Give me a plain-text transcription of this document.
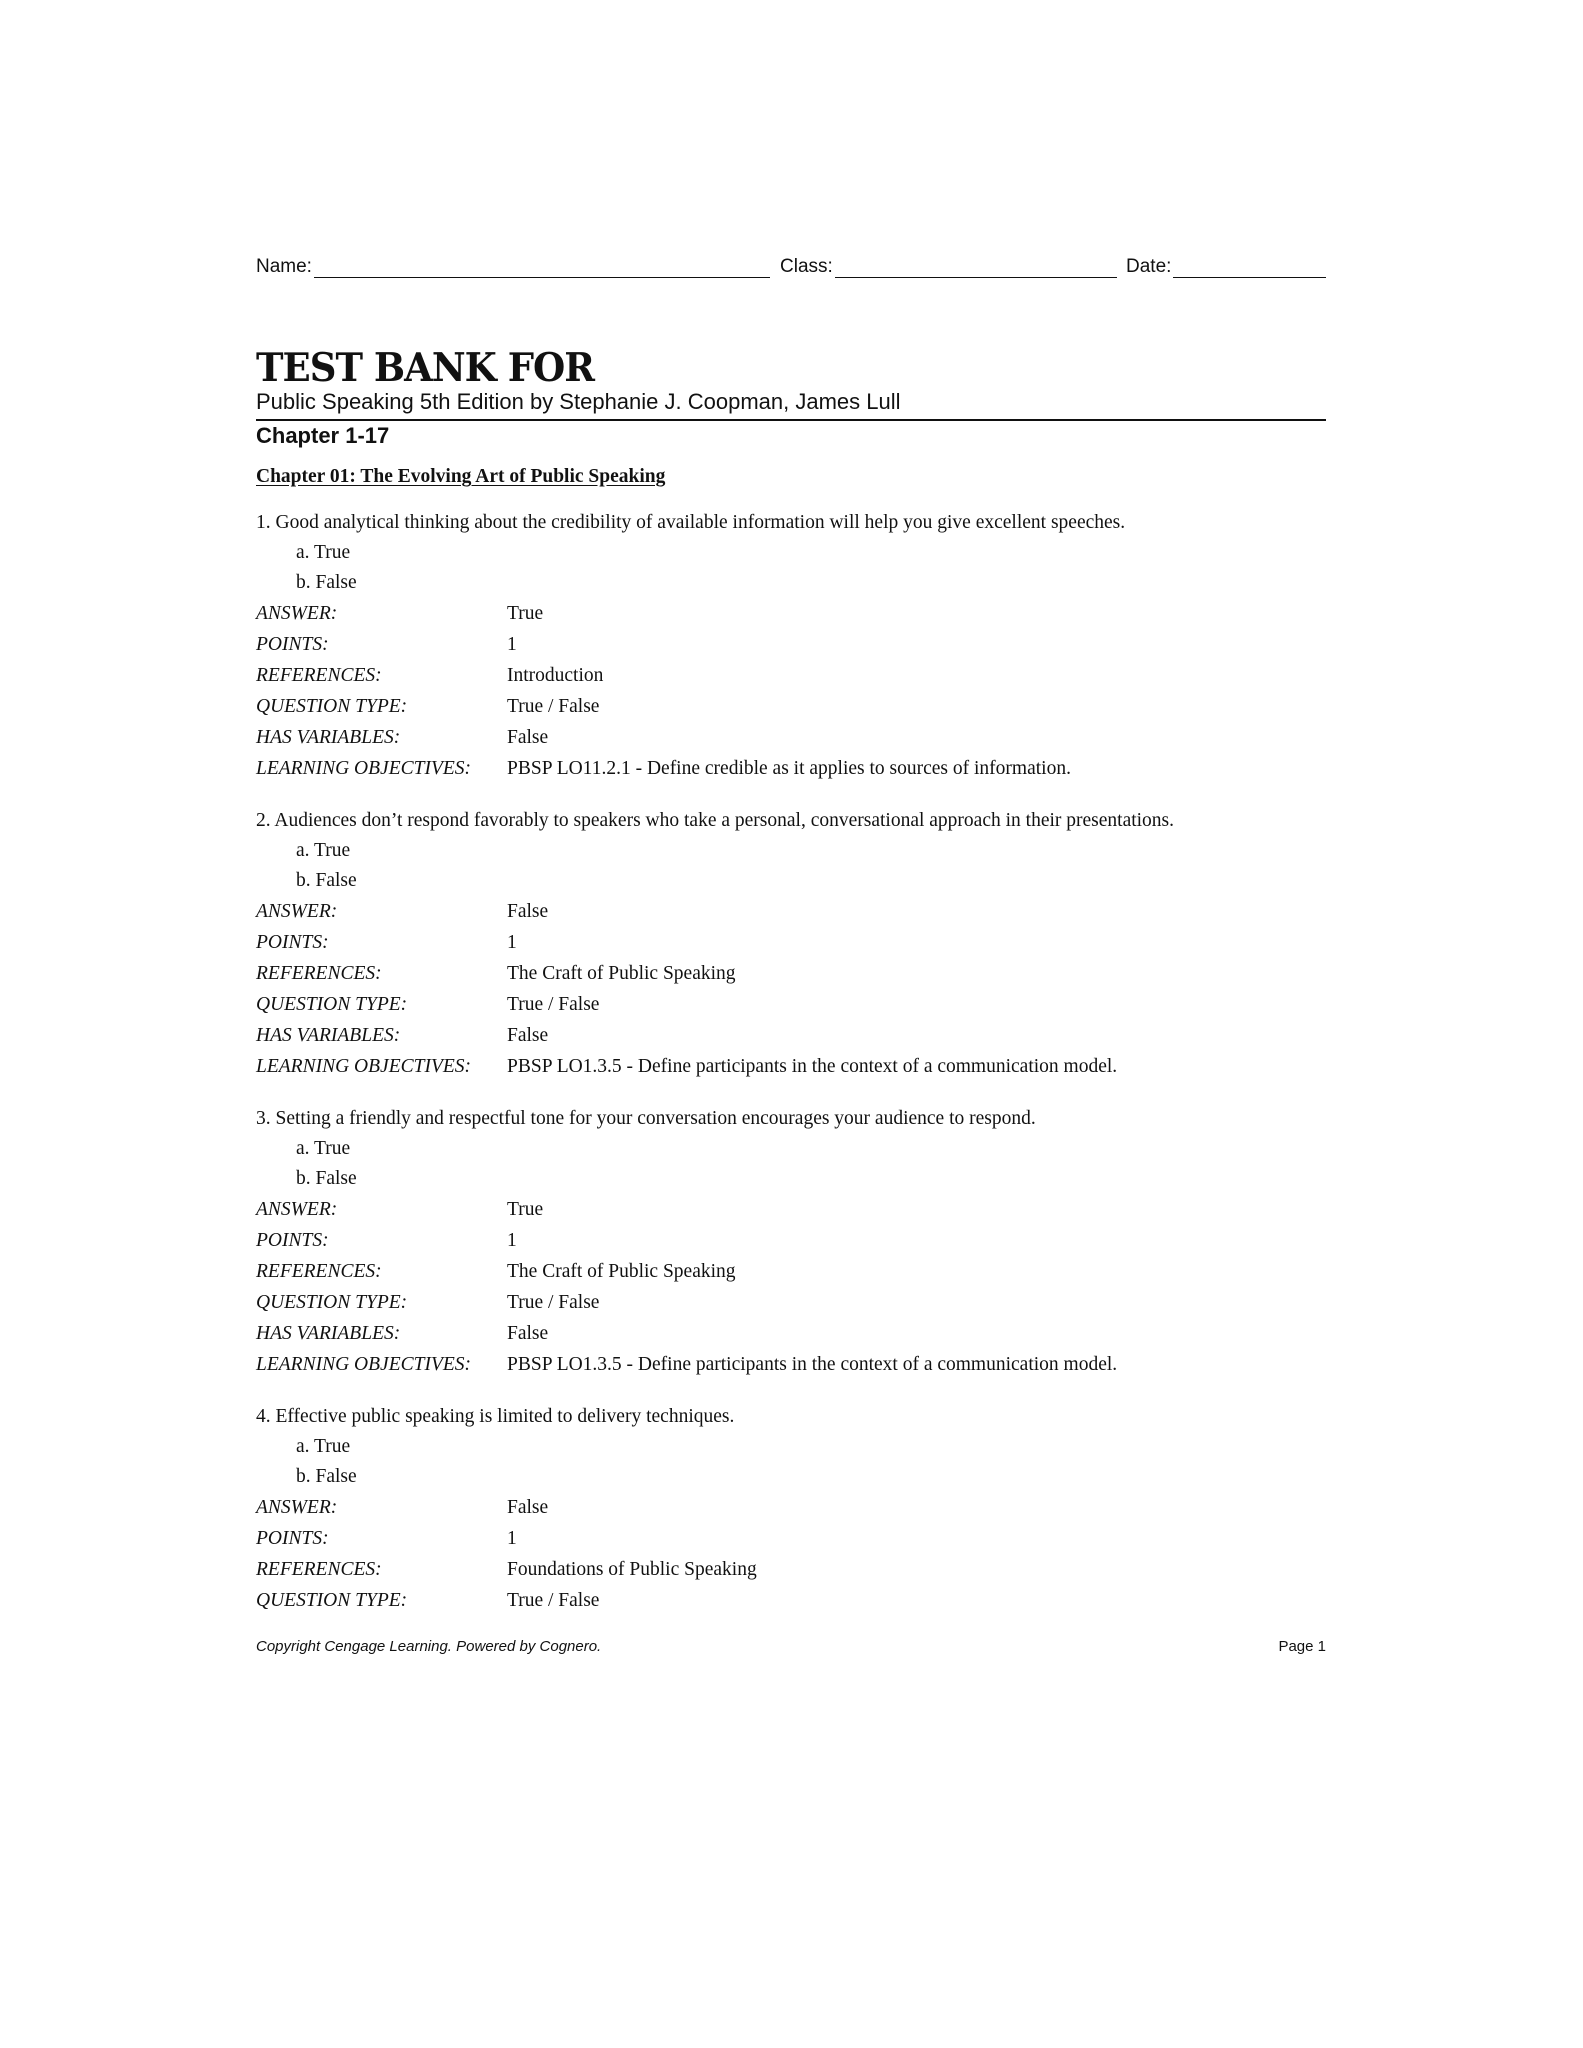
Name:	Class:	Date:
TEST BANK FOR
Public Speaking 5th Edition by Stephanie J. Coopman, James Lull
Chapter 1-17
Chapter 01: The Evolving Art of Public Speaking
1. Good analytical thinking about the credibility of available information will help you give excellent speeches.
a. True
b. False
ANSWER:	True
POINTS:	1
REFERENCES:	Introduction
QUESTION TYPE:	True / False
HAS VARIABLES:	False
LEARNING OBJECTIVES:	PBSP LO11.2.1 - Define credible as it applies to sources of information.
2. Audiences don’t respond favorably to speakers who take a personal, conversational approach in their presentations.
a. True
b. False
ANSWER:	False
POINTS:	1
REFERENCES:	The Craft of Public Speaking
QUESTION TYPE:	True / False
HAS VARIABLES:	False
LEARNING OBJECTIVES:	PBSP LO1.3.5 - Define participants in the context of a communication model.
3. Setting a friendly and respectful tone for your conversation encourages your audience to respond.
a. True
b. False
ANSWER:	True
POINTS:	1
REFERENCES:	The Craft of Public Speaking
QUESTION TYPE:	True / False
HAS VARIABLES:	False
LEARNING OBJECTIVES:	PBSP LO1.3.5 - Define participants in the context of a communication model.
4. Effective public speaking is limited to delivery techniques.
a. True
b. False
ANSWER:	False
POINTS:	1
REFERENCES:	Foundations of Public Speaking
QUESTION TYPE:	True / False
Copyright Cengage Learning. Powered by Cognero.	Page 1
